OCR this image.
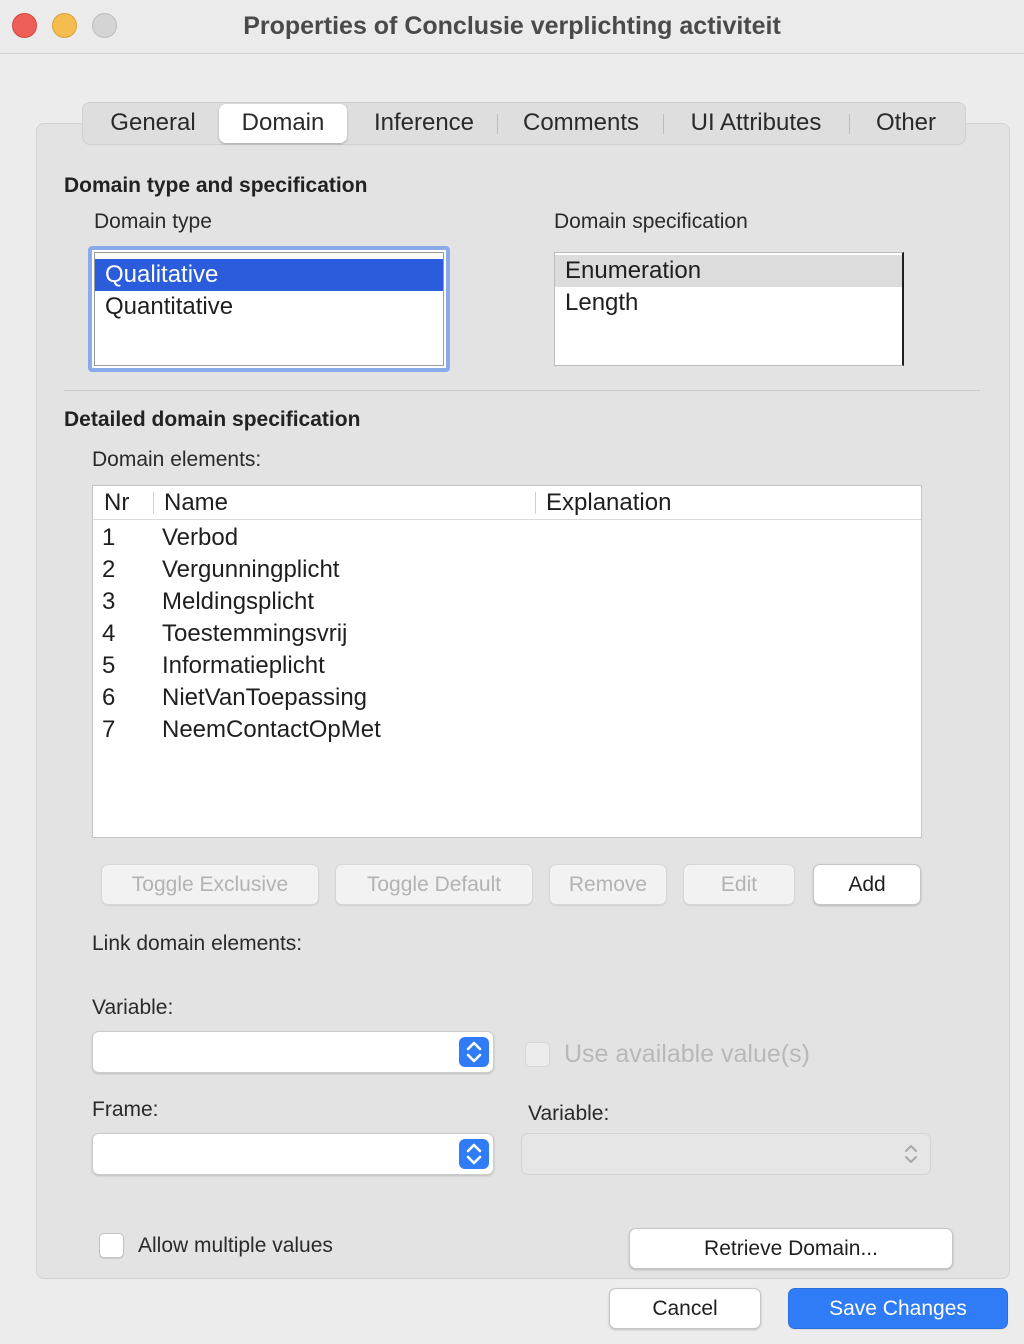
Properties of Conclusie verplichting activiteit
General	Domain	Inference	Comments	UI Attributes	Other
Domain type and specification
Domain type	Domain specification
Qualitative
Quantitative
Enumeration
Length
Detailed domain specification
Domain elements:
Nr Name	Explanation
1 Verbod
2 Vergunningplicht
3 Meldingsplicht
4 Toestemmingsvrij
5 Informatieplicht
6 NietVanToepassing
7 NeemContactOpMet
Toggle Exclusive	Toggle Default	Remove	Edit	Add
Link domain elements:
Variable:
Use available value(s)
Frame:	Variable:
Allow multiple values	Retrieve Domain...
Cancel	Save Changes
